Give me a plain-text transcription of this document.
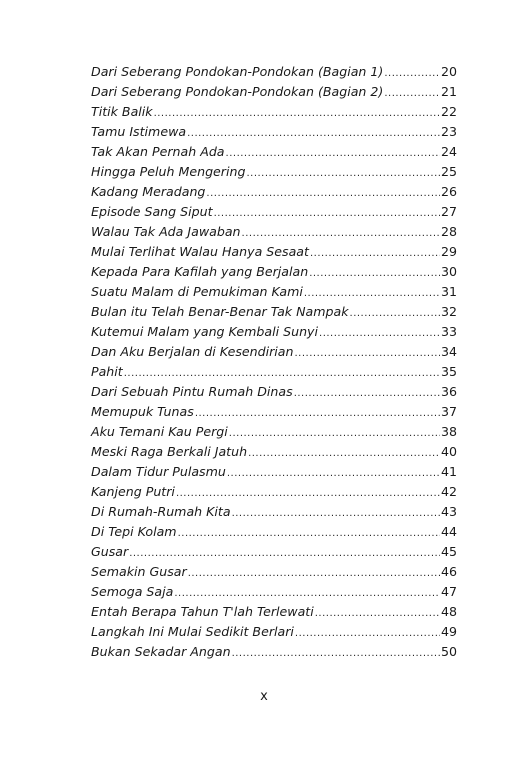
Dari Seberang Pondokan-Pondokan (Bagian 1) .....	20
Dari Seberang Pondokan-Pondokan (Bagian 2) .....	21
Titik Balik .....	22
Tamu Istimewa .....	23
Tak Akan Pernah Ada .....	24
Hingga Peluh Mengering .....	25
Kadang Meradang .....	26
Episode Sang Siput .....	27
Walau Tak Ada Jawaban .....	28
Mulai Terlihat Walau Hanya Sesaat .....	29
Kepada Para Kafilah yang Berjalan .....	30
Suatu Malam di Pemukiman Kami .....	31
Bulan itu Telah Benar-Benar Tak Nampak .....	32
Kutemui Malam yang Kembali Sunyi .....	33
Dan Aku Berjalan di Kesendirian .....	34
Pahit .....	35
Dari Sebuah Pintu Rumah Dinas .....	36
Memupuk Tunas .....	37
Aku Temani Kau Pergi .....	38
Meski Raga Berkali Jatuh .....	40
Dalam Tidur Pulasmu .....	41
Kanjeng Putri .....	42
Di Rumah-Rumah Kita .....	43
Di Tepi Kolam .....	44
Gusar .....	45
Semakin Gusar .....	46
Semoga Saja .....	47
Entah Berapa Tahun T'lah Terlewati .....	48
Langkah Ini Mulai Sedikit Berlari .....	49
Bukan Sekadar Angan .....	50
x
